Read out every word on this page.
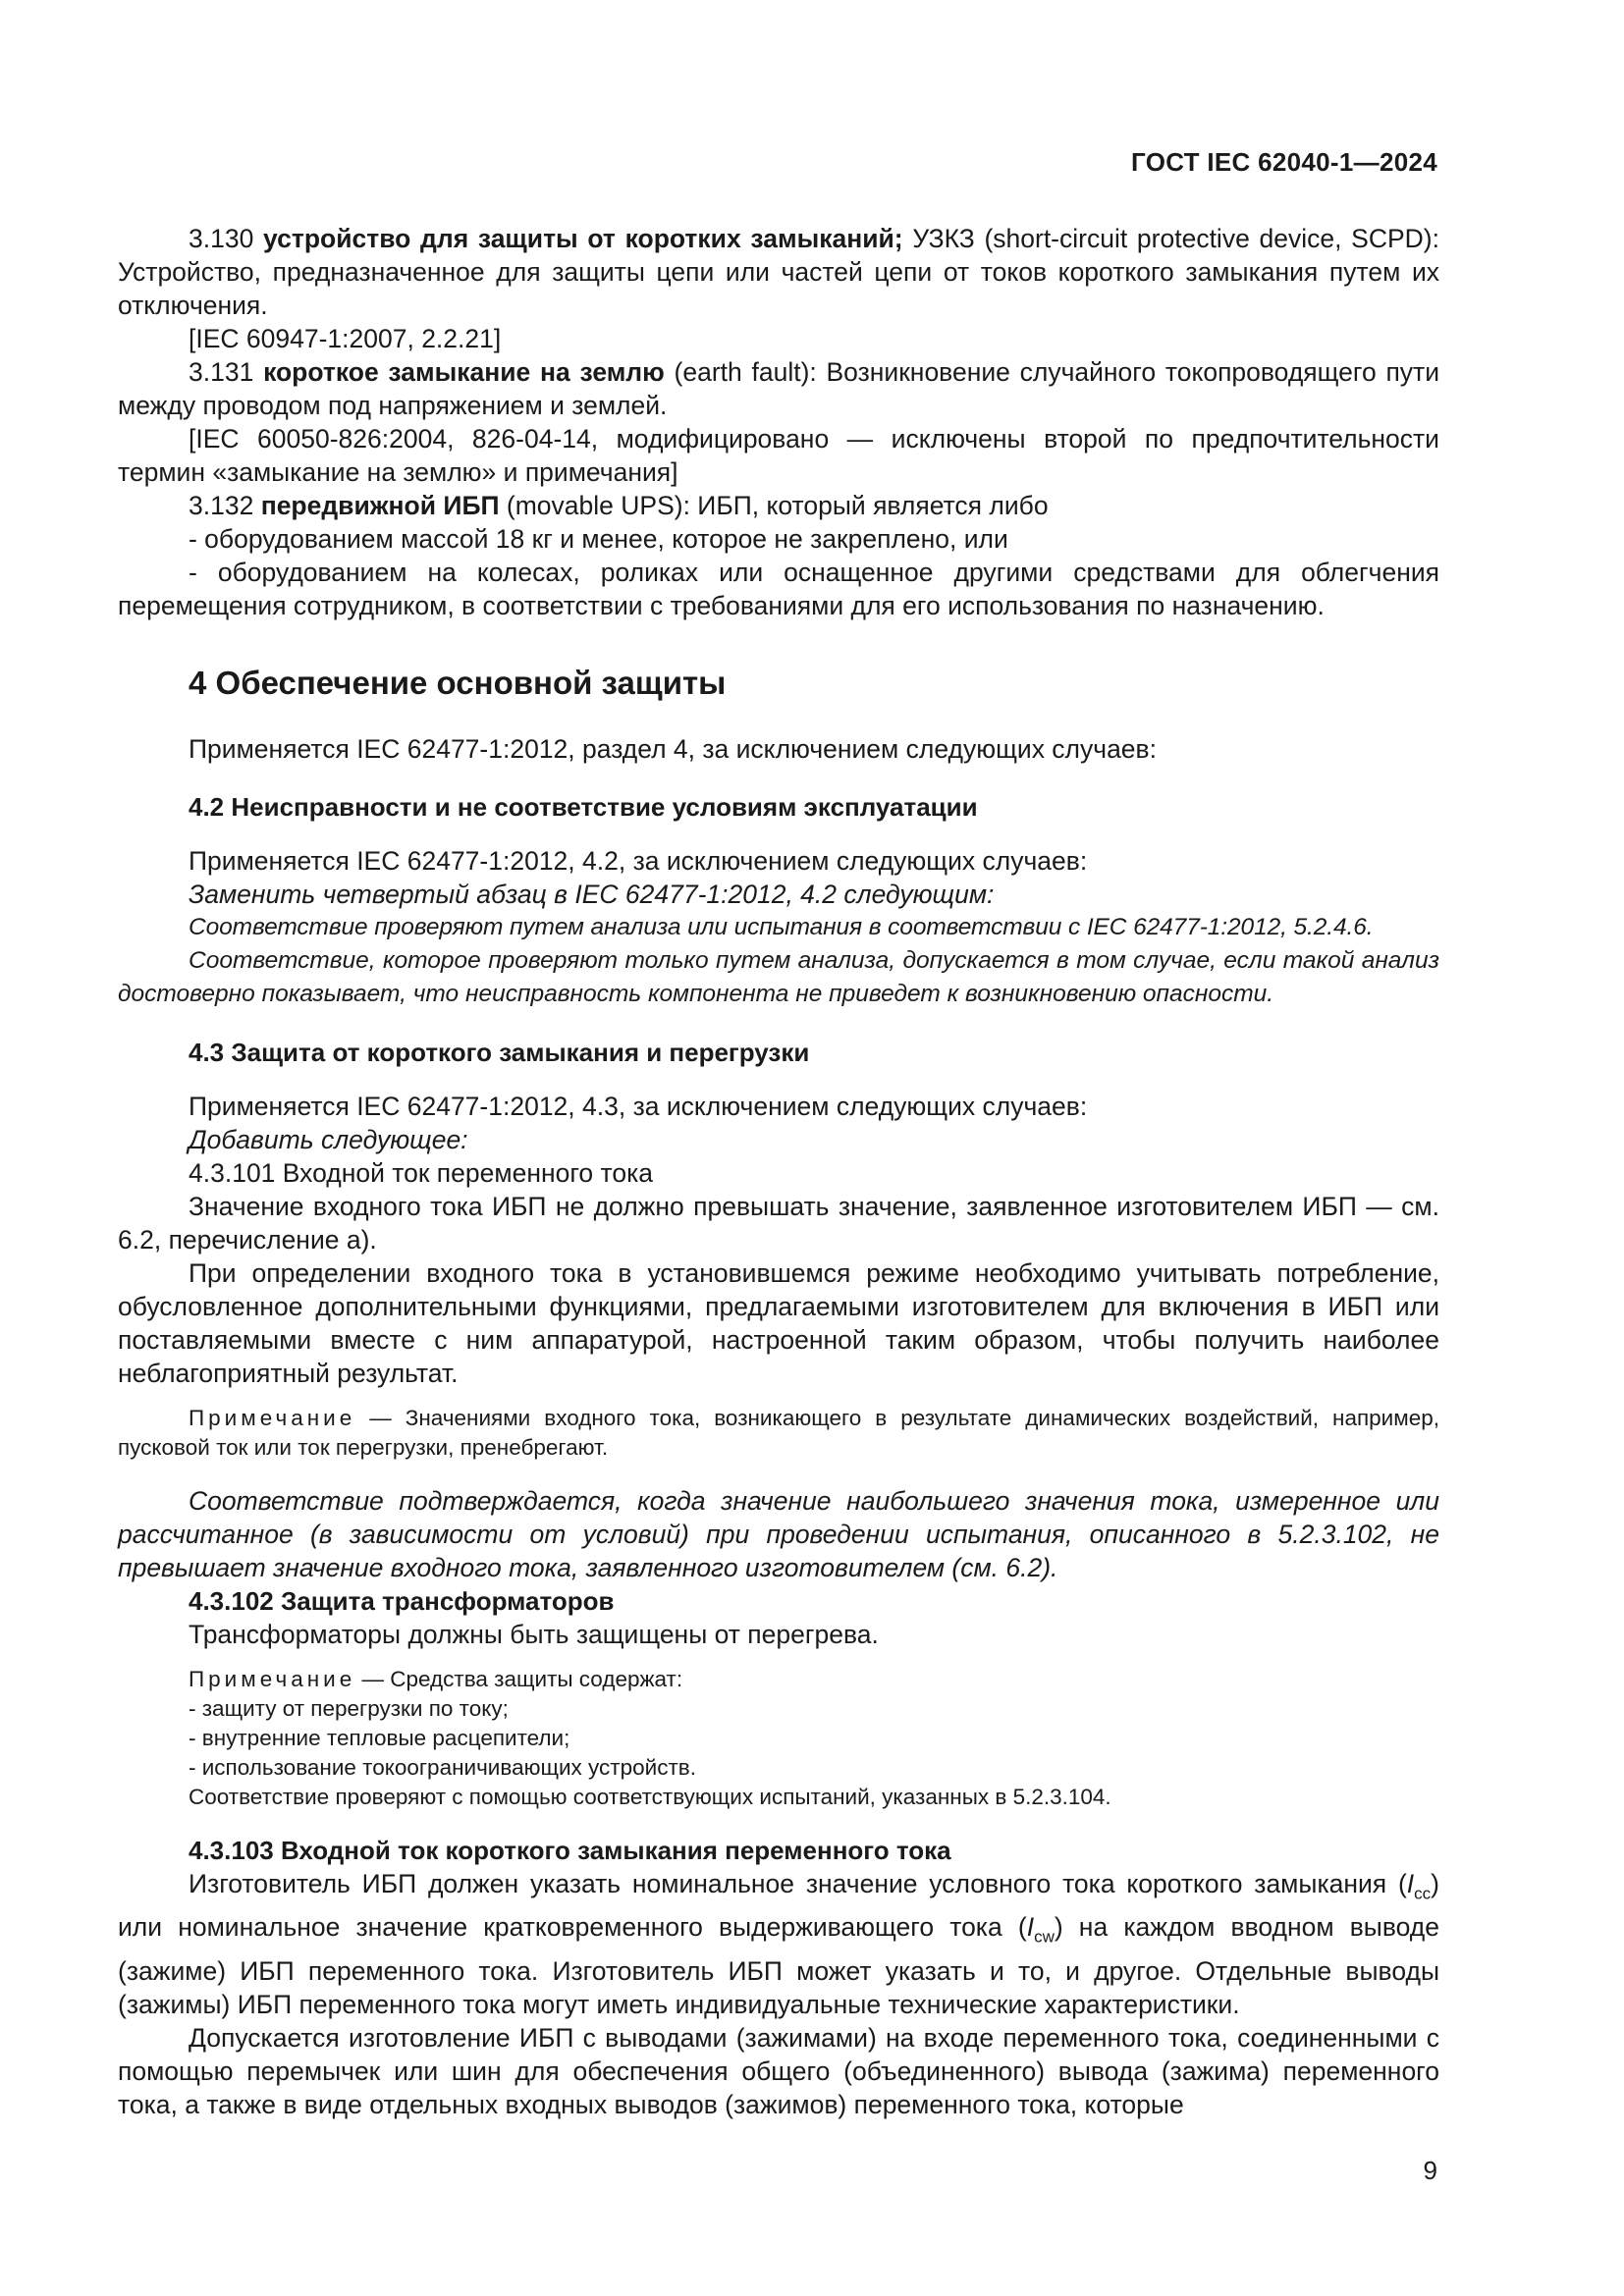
ГОСТ IEC 62040-1—2024

3.130 устройство для защиты от коротких замыканий; УЗКЗ (short-circuit protective device, SCPD): Устройство, предназначенное для защиты цепи или частей цепи от токов короткого замыкания путем их отключения.

[IEC 60947-1:2007, 2.2.21]

3.131 короткое замыкание на землю (earth fault): Возникновение случайного токопроводящего пути между проводом под напряжением и землей.

[IEC 60050-826:2004, 826-04-14, модифицировано — исключены второй по предпочтительности термин «замыкание на землю» и примечания]

3.132 передвижной ИБП (movable UPS): ИБП, который является либо

- оборудованием массой 18 кг и менее, которое не закреплено, или

- оборудованием на колесах, роликах или оснащенное другими средствами для облегчения перемещения сотрудником, в соответствии с требованиями для его использования по назначению.

4 Обеспечение основной защиты

Применяется IEC 62477-1:2012, раздел 4, за исключением следующих случаев:

4.2 Неисправности и не соответствие условиям эксплуатации

Применяется IEC 62477-1:2012, 4.2, за исключением следующих случаев:

Заменить четвертый абзац в IEC 62477-1:2012, 4.2 следующим:

Соответствие проверяют путем анализа или испытания в соответствии с IEC 62477-1:2012, 5.2.4.6.

Соответствие, которое проверяют только путем анализа, допускается в том случае, если такой анализ достоверно показывает, что неисправность компонента не приведет к возникновению опасности.

4.3 Защита от короткого замыкания и перегрузки

Применяется IEC 62477-1:2012, 4.3, за исключением следующих случаев:

Добавить следующее:

4.3.101 Входной ток переменного тока

Значение входного тока ИБП не должно превышать значение, заявленное изготовителем ИБП — см. 6.2, перечисление а).

При определении входного тока в установившемся режиме необходимо учитывать потребление, обусловленное дополнительными функциями, предлагаемыми изготовителем для включения в ИБП или поставляемыми вместе с ним аппаратурой, настроенной таким образом, чтобы получить наиболее неблагоприятный результат.

Примечание — Значениями входного тока, возникающего в результате динамических воздействий, например, пусковой ток или ток перегрузки, пренебрегают.

Соответствие подтверждается, когда значение наибольшего значения тока, измеренное или рассчитанное (в зависимости от условий) при проведении испытания, описанного в 5.2.3.102, не превышает значение входного тока, заявленного изготовителем (см. 6.2).

4.3.102 Защита трансформаторов

Трансформаторы должны быть защищены от перегрева.

Примечание — Средства защиты содержат:

- защиту от перегрузки по току;

- внутренние тепловые расцепители;

- использование токоограничивающих устройств.

Соответствие проверяют с помощью соответствующих испытаний, указанных в 5.2.3.104.

4.3.103 Входной ток короткого замыкания переменного тока

Изготовитель ИБП должен указать номинальное значение условного тока короткого замыкания $(I_{cc})$ или номинальное значение кратковременного выдерживающего тока $(I_{cw})$ на каждом вводном выводе (зажиме) ИБП переменного тока. Изготовитель ИБП может указать и то, и другое. Отдельные выводы (зажимы) ИБП переменного тока могут иметь индивидуальные технические характеристики.

Допускается изготовление ИБП с выводами (зажимами) на входе переменного тока, соединенными с помощью перемычек или шин для обеспечения общего (объединенного) вывода (зажима) переменного тока, а также в виде отдельных входных выводов (зажимов) переменного тока, которые

9
